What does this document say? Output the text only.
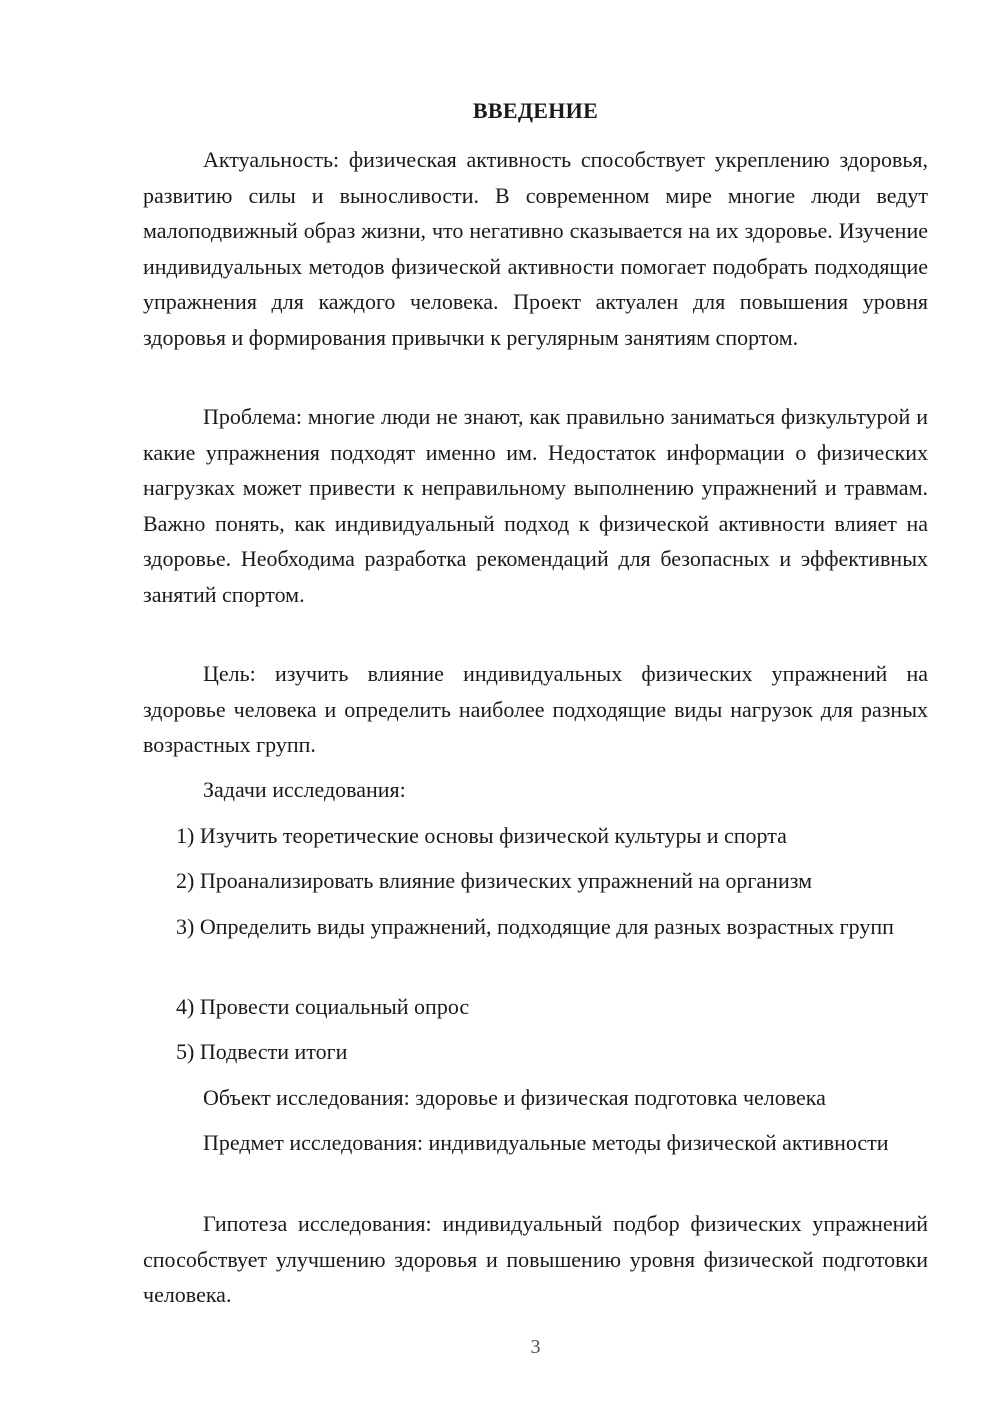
ВВЕДЕНИЕ

Актуальность: физическая активность способствует укреплению здоровья, развитию силы и выносливости. В современном мире многие люди ведут малоподвижный образ жизни, что негативно сказывается на их здоровье. Изучение индивидуальных методов физической активности помогает подобрать подходящие упражнения для каждого человека. Проект актуален для повышения уровня здоровья и формирования привычки к регулярным занятиям спортом.

Проблема: многие люди не знают, как правильно заниматься физкультурой и какие упражнения подходят именно им. Недостаток информации о физических нагрузках может привести к неправильному выполнению упражнений и травмам. Важно понять, как индивидуальный подход к физической активности влияет на здоровье. Необходима разработка рекомендаций для безопасных и эффективных занятий спортом.

Цель: изучить влияние индивидуальных физических упражнений на здоровье человека и определить наиболее подходящие виды нагрузок для разных возрастных групп.

Задачи исследования:

1) Изучить теоретические основы физической культуры и спорта

2) Проанализировать влияние физических упражнений на организм

3) Определить виды упражнений, подходящие для разных возрастных групп

4) Провести социальный опрос

5) Подвести итоги

Объект исследования: здоровье и физическая подготовка человека

Предмет исследования: индивидуальные методы физической активности

Гипотеза исследования: индивидуальный подбор физических упражнений способствует улучшению здоровья и повышению уровня физической подготовки человека.

3
